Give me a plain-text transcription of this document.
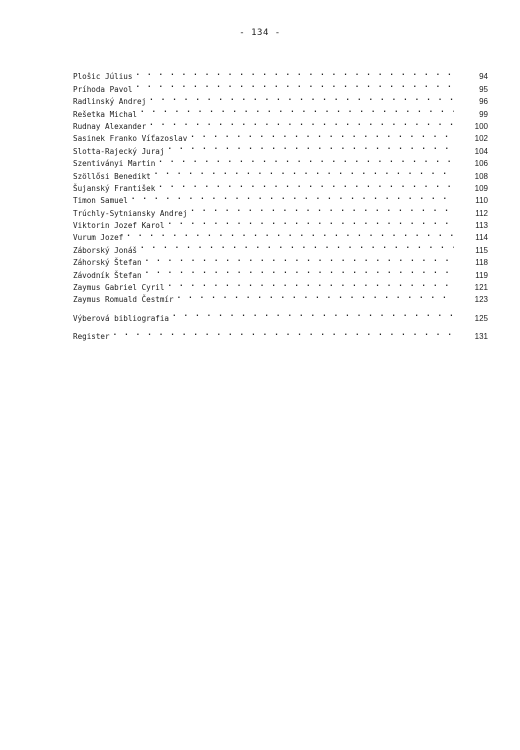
- 134 -
Ploŝic Július . . .	94
Príhoda Pavol . . .	95
Radlinský Andrej . . .	96
Rešetka Michal . . .	99
Rudnay Alexander . . .	100
Sasinek Franko Víťazoslav . . .	102
Slotta-Rajecký Juraj . . .	104
Szentiványi Martin . . .	106
Szöllősi Benedikt . . .	108
Šujanský František . . .	109
Timon Samuel . . .	110
Trúchly-Sytniansky Andrej . . .	112
Viktorin Jozef Karol . . .	113
Vurum Jozef . . .	114
Záborský Jonáš . . .	115
Záhorský Štefan . . .	118
Závodník Štefan . . .	119
Zaymus Gabriel Cyril . . .	121
Zaymus Romuald Čestmír . . .	123
Výberová bibliografia . . .	125
Register . . .	131
